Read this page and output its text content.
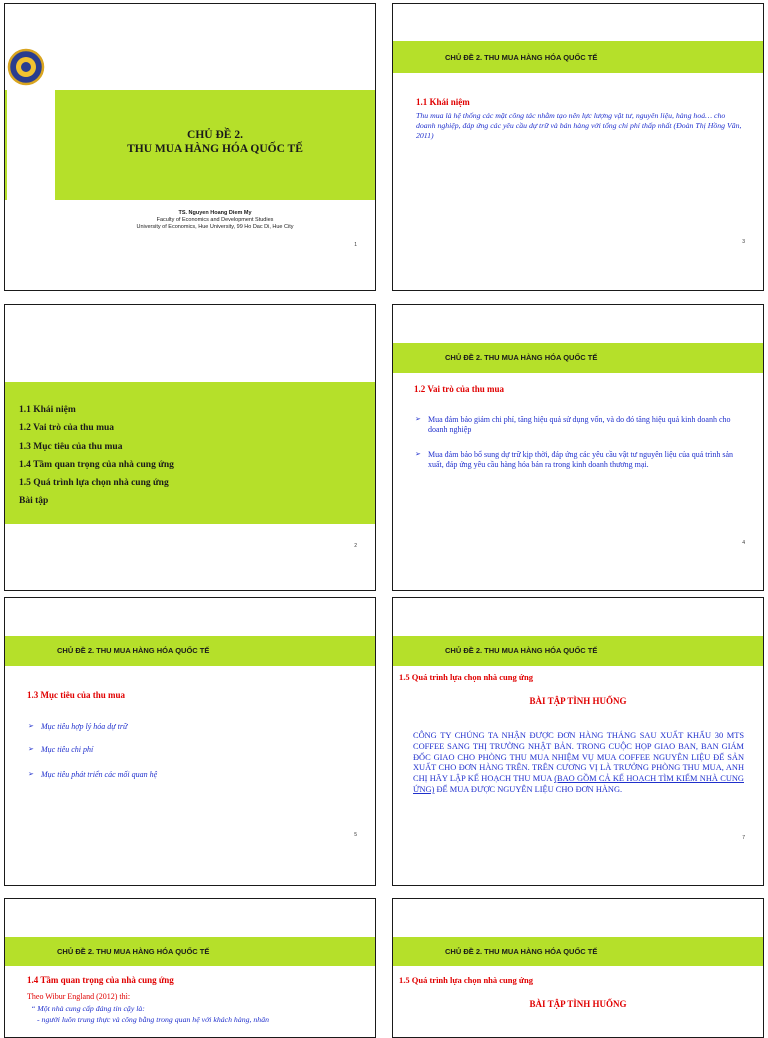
CHỦ ĐỀ 2.
THU MUA HÀNG HÓA QUỐC TẾ
TS. Nguyen Hoang Diem My
Faculty of Economics and Development Studies
University of Economics, Hue University, 99 Ho Dac Di, Hue City
1
CHỦ ĐỀ 2. THU MUA HÀNG HÓA QUỐC TẾ
1.1 Khái niệm
Thu mua là hệ thống các mặt công tác nhằm tạo nên lực lượng vật tư, nguyên liệu, hàng hoá… cho doanh nghiệp, đáp ứng các yêu cầu dự trữ và bán hàng với tổng chi phí thấp nhất (Đoàn Thị Hồng Vân, 2011)
3
1.1 Khái niệm
1.2 Vai trò của thu mua
1.3 Mục tiêu của thu mua
1.4 Tầm quan trọng của nhà cung ứng
1.5 Quá trình lựa chọn nhà cung ứng
Bài tập
2
CHỦ ĐỀ 2. THU MUA HÀNG HÓA QUỐC TẾ
1.2 Vai trò của thu mua
➢ Mua đảm bảo giảm chi phí, tăng hiệu quả sử dụng vốn, và do đó tăng hiệu quả kinh doanh cho doanh nghiệp
➢ Mua đảm bảo bổ sung dự trữ kịp thời, đáp ứng các yêu cầu vật tư nguyên liệu của quá trình sản xuất, đáp ứng yêu cầu hàng hóa bán ra trong kinh doanh thương mại.
4
CHỦ ĐỀ 2. THU MUA HÀNG HÓA QUỐC TẾ
1.3 Mục tiêu của thu mua
➢ Mục tiêu hợp lý hóa dự trữ
➢ Mục tiêu chi phí
➢ Mục tiêu phát triển các mối quan hệ
5
CHỦ ĐỀ 2. THU MUA HÀNG HÓA QUỐC TẾ
1.5 Quá trình lựa chọn nhà cung ứng
BÀI TẬP TÌNH HUỐNG
CÔNG TY CHÚNG TA NHẬN ĐƯỢC ĐƠN HÀNG THÁNG SAU XUẤT KHẨU 30 MTS COFFEE SANG THỊ TRƯỜNG NHẬT BẢN. TRONG CUỘC HỌP GIAO BAN, BAN GIÁM ĐỐC GIAO CHO PHÒNG THU MUA NHIỆM VỤ MUA COFFEE NGUYÊN LIỆU ĐỂ SẢN XUẤT CHO ĐƠN HÀNG TRÊN. TRÊN CƯƠNG VỊ LÀ TRƯỞNG PHÒNG THU MUA, ANH CHỊ HÃY LẬP KẾ HOẠCH THU MUA (BAO GỒM CẢ KẾ HOẠCH TÌM KIẾM NHÀ CUNG ỨNG) ĐỂ MUA ĐƯỢC NGUYÊN LIỆU CHO ĐƠN HÀNG.
7
CHỦ ĐỀ 2. THU MUA HÀNG HÓA QUỐC TẾ
1.4 Tầm quan trọng của nhà cung ứng
Theo Wibur England (2012) thì:
“ Một nhà cung cấp đáng tin cậy là:
- người luôn trung thực và công bằng trong quan hệ với khách hàng, nhân
CHỦ ĐỀ 2. THU MUA HÀNG HÓA QUỐC TẾ
1.5 Quá trình lựa chọn nhà cung ứng
BÀI TẬP TÌNH HUỐNG
